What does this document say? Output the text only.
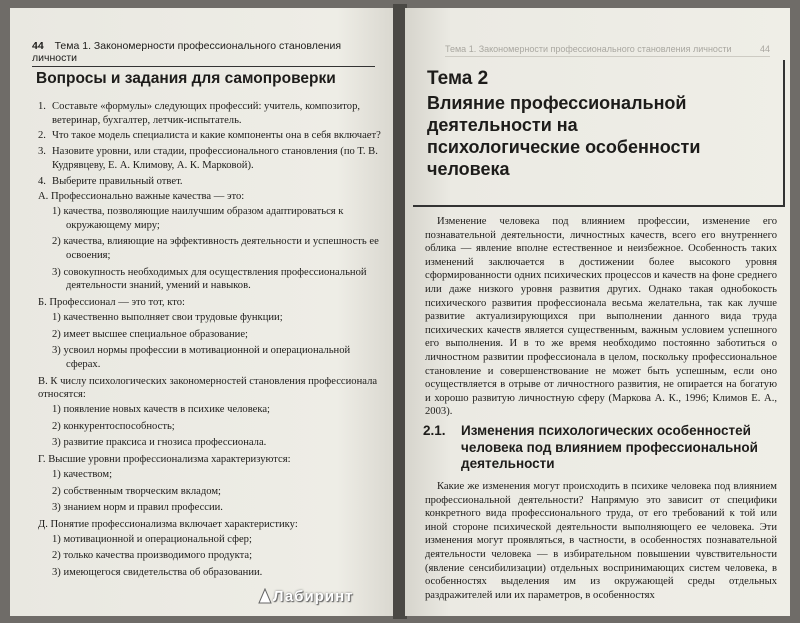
44 Тема 1. Закономерности профессионального становления личности
Вопросы и задания для самопроверки
1. Составьте «формулы» следующих профессий: учитель, композитор, ветеринар, бухгалтер, летчик-испытатель.
2. Что такое модель специалиста и какие компоненты она в себя включает?
3. Назовите уровни, или стадии, профессионального становления (по Т. В. Кудрявцеву, Е. А. Климову, А. К. Марковой).
4. Выберите правильный ответ.
А. Профессионально важные качества — это:
1) качества, позволяющие наилучшим образом адаптироваться к окружающему миру;
2) качества, влияющие на эффективность деятельности и успешность ее освоения;
3) совокупность необходимых для осуществления профессиональной деятельности знаний, умений и навыков.
Б. Профессионал — это тот, кто:
1) качественно выполняет свои трудовые функции;
2) имеет высшее специальное образование;
3) усвоил нормы профессии в мотивационной и операциональной сферах.
В. К числу психологических закономерностей становления профессионала относятся:
1) появление новых качеств в психике человека;
2) конкурентоспособность;
3) развитие праксиса и гнозиса профессионала.
Г. Высшие уровни профессионализма характеризуются:
1) качеством;
2) собственным творческим вкладом;
3) знанием норм и правил профессии.
Д. Понятие профессионализма включает характеристику:
1) мотивационной и операциональной сфер;
2) только качества производимого продукта;
3) имеющегося свидетельства об образовании.
Тема 1. Закономерности профессионального становления личности	44
Тема 2
Влияние профессиональной деятельности на психологические особенности человека

Изменение человека под влиянием профессии, изменение его познавательной деятельности, личностных качеств, всего его внутреннего облика — явление вполне естественное и неизбежное. Особенность таких изменений заключается в достижении более высокого уровня сформированности одних психических процессов и качеств на фоне среднего или даже низкого уровня развития других. Однако такая однобокость психического развития профессионала весьма желательна, так как лучше развитие актуализирующихся при выполнении данного вида труда психических качеств является существенным, важным условием успешного его выполнения. И в то же время необходимо постоянно заботиться о личностном развитии профессионала в целом, поскольку профессиональное становление и совершенствование не может быть успешным, если оно осуществляется в отрыве от личностного развития, не опирается на богатую и хорошо развитую личностную сферу (Маркова А. К., 1996; Климов Е. А., 2003).

2.1. Изменения психологических особенностей человека под влиянием профессиональной деятельности

Какие же изменения могут происходить в психике человека под влиянием профессиональной деятельности? Напрямую это зависит от специфики конкретного вида профессионального труда, от его требований к той или иной стороне психической деятельности выполняющего ее человека. Эти изменения могут проявляться, в частности, в особенностях познавательной деятельности человека — в избирательном повышении чувствительности (явление сенсибилизации) отдельных воспринимающих систем человека, в особенностях выделения им из окружающей среды отдельных раздражителей или их параметров, в особенностях

Лабиринт
